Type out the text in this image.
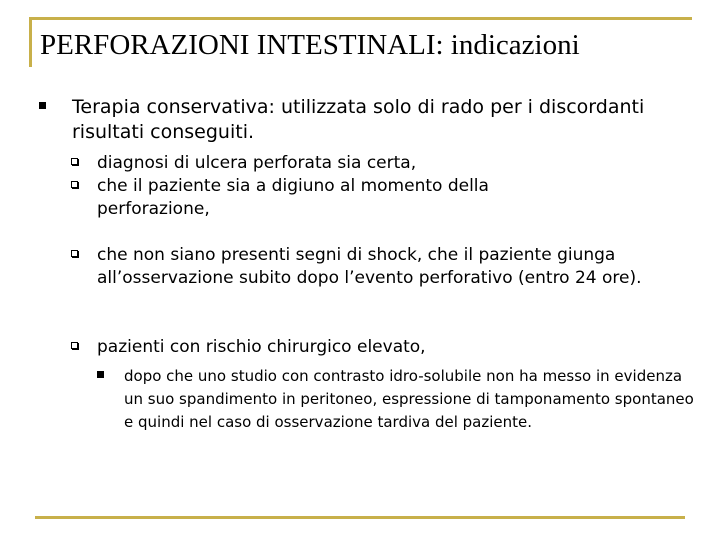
PERFORAZIONI INTESTINALI: indicazioni

Terapia conservativa: utilizzata solo di rado per i discordanti risultati conseguiti.

diagnosi di ulcera perforata sia certa,

che il paziente sia a digiuno al momento della perforazione,

che non siano presenti segni di shock, che il paziente giunga all’osservazione subito dopo l’evento perforativo (entro 24 ore).

pazienti con rischio chirurgico elevato,

dopo che uno studio con contrasto idro-solubile non ha messo in evidenza un suo spandimento in peritoneo, espressione di tamponamento spontaneo e quindi nel caso di osservazione tardiva del paziente.
